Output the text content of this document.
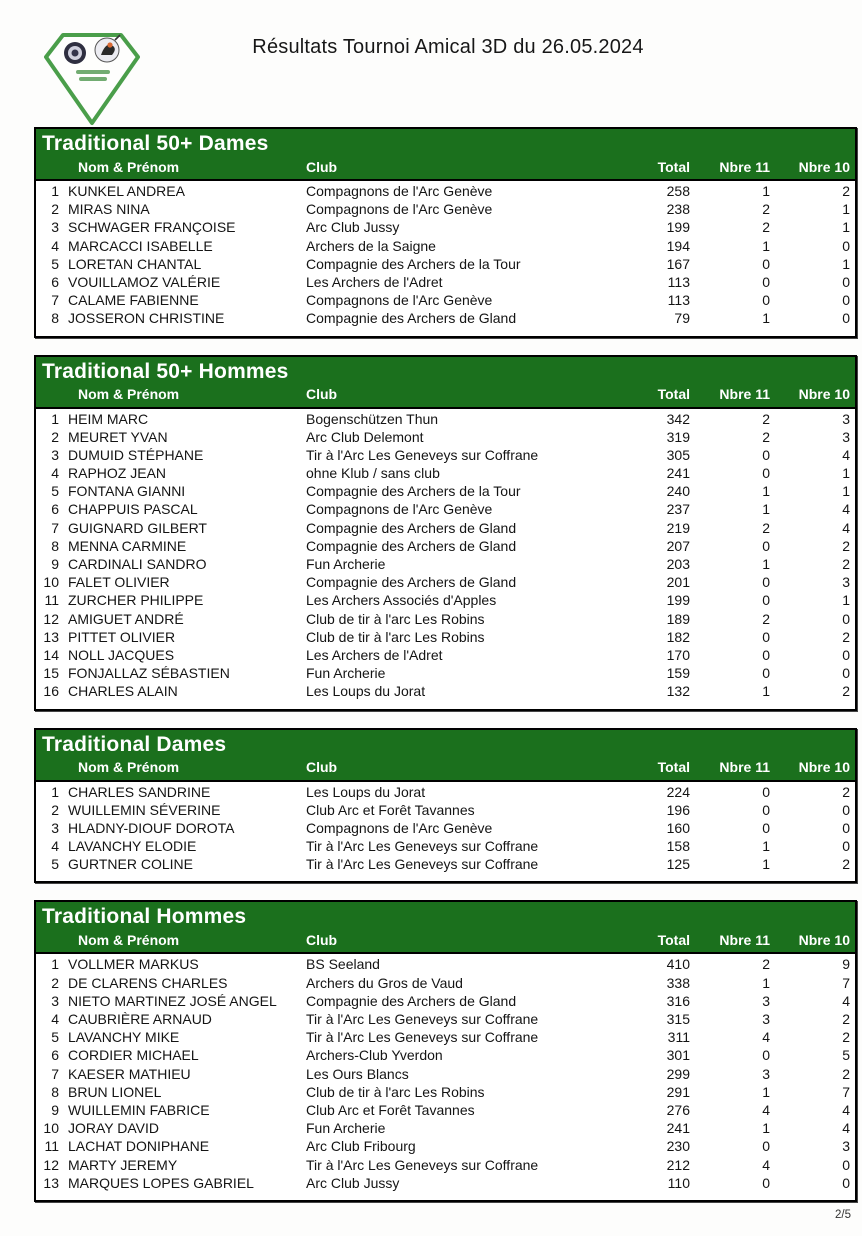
Résultats Tournoi Amical 3D du 26.05.2024
Traditional 50+ Dames
Nom & Prénom	Club	Total	Nbre 11	Nbre 10
1 KUNKEL ANDREA	Compagnons de l'Arc Genève	258	1	2
2 MIRAS NINA	Compagnons de l'Arc Genève	238	2	1
3 SCHWAGER FRANÇOISE	Arc Club Jussy	199	2	1
4 MARCACCI ISABELLE	Archers de la Saigne	194	1	0
5 LORETAN CHANTAL	Compagnie des Archers de la Tour	167	0	1
6 VOUILLAMOZ VALÉRIE	Les Archers de l'Adret	113	0	0
7 CALAME FABIENNE	Compagnons de l'Arc Genève	113	0	0
8 JOSSERON CHRISTINE	Compagnie des Archers de Gland	79	1	0
Traditional 50+ Hommes
Nom & Prénom	Club	Total	Nbre 11	Nbre 10
1 HEIM MARC	Bogenschützen Thun	342	2	3
2 MEURET YVAN	Arc Club Delemont	319	2	3
3 DUMUID STÉPHANE	Tir à l'Arc Les Geneveys sur Coffrane	305	0	4
4 RAPHOZ JEAN	ohne Klub / sans club	241	0	1
5 FONTANA GIANNI	Compagnie des Archers de la Tour	240	1	1
6 CHAPPUIS PASCAL	Compagnons de l'Arc Genève	237	1	4
7 GUIGNARD GILBERT	Compagnie des Archers de Gland	219	2	4
8 MENNA CARMINE	Compagnie des Archers de Gland	207	0	2
9 CARDINALI SANDRO	Fun Archerie	203	1	2
10 FALET OLIVIER	Compagnie des Archers de Gland	201	0	3
11 ZURCHER PHILIPPE	Les Archers Associés d'Apples	199	0	1
12 AMIGUET ANDRÉ	Club de tir à l'arc Les Robins	189	2	0
13 PITTET OLIVIER	Club de tir à l'arc Les Robins	182	0	2
14 NOLL JACQUES	Les Archers de l'Adret	170	0	0
15 FONJALLAZ SÉBASTIEN	Fun Archerie	159	0	0
16 CHARLES ALAIN	Les Loups du Jorat	132	1	2
Traditional Dames
Nom & Prénom	Club	Total	Nbre 11	Nbre 10
1 CHARLES SANDRINE	Les Loups du Jorat	224	0	2
2 WUILLEMIN SÉVERINE	Club Arc et Forêt Tavannes	196	0	0
3 HLADNY-DIOUF DOROTA	Compagnons de l'Arc Genève	160	0	0
4 LAVANCHY ELODIE	Tir à l'Arc Les Geneveys sur Coffrane	158	1	0
5 GURTNER COLINE	Tir à l'Arc Les Geneveys sur Coffrane	125	1	2
Traditional Hommes
Nom & Prénom	Club	Total	Nbre 11	Nbre 10
1 VOLLMER MARKUS	BS Seeland	410	2	9
2 DE CLARENS CHARLES	Archers du Gros de Vaud	338	1	7
3 NIETO MARTINEZ JOSÉ ANGEL	Compagnie des Archers de Gland	316	3	4
4 CAUBRIÈRE ARNAUD	Tir à l'Arc Les Geneveys sur Coffrane	315	3	2
5 LAVANCHY MIKE	Tir à l'Arc Les Geneveys sur Coffrane	311	4	2
6 CORDIER MICHAEL	Archers-Club Yverdon	301	0	5
7 KAESER MATHIEU	Les Ours Blancs	299	3	2
8 BRUN LIONEL	Club de tir à l'arc Les Robins	291	1	7
9 WUILLEMIN FABRICE	Club Arc et Forêt Tavannes	276	4	4
10 JORAY DAVID	Fun Archerie	241	1	4
11 LACHAT DONIPHANE	Arc Club Fribourg	230	0	3
12 MARTY JEREMY	Tir à l'Arc Les Geneveys sur Coffrane	212	4	0
13 MARQUES LOPES GABRIEL	Arc Club Jussy	110	0	0
2/5
